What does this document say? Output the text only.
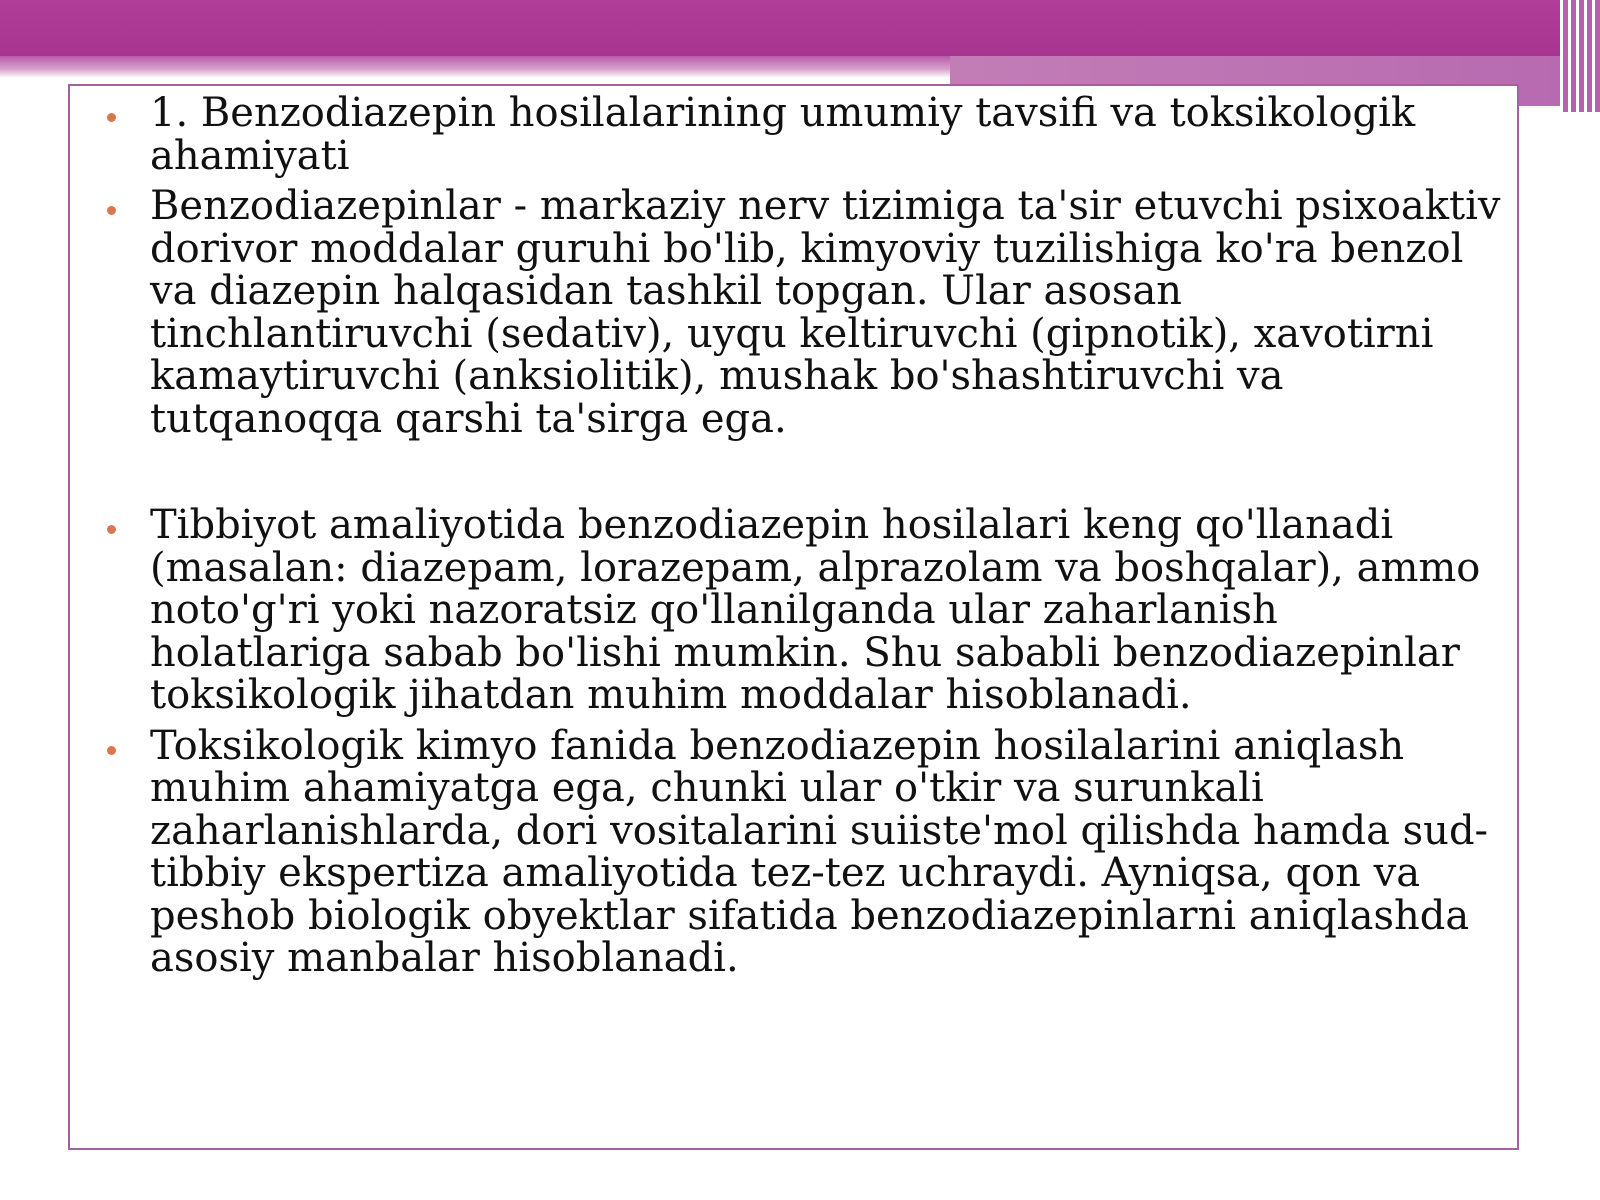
1. Benzodiazepin hosilalarining umumiy tavsifi va toksikologik ahamiyati
Benzodiazepinlar - markaziy nerv tizimiga ta'sir etuvchi psixoaktiv dorivor moddalar guruhi bo'lib, kimyoviy tuzilishiga ko'ra benzol va diazepin halqasidan tashkil topgan. Ular asosan tinchlantiruvchi (sedativ), uyqu keltiruvchi (gipnotik), xavotirni kamaytiruvchi (anksiolitik), mushak bo'shashtiruvchi va tutqanoqqa qarshi ta'sirga ega.
Tibbiyot amaliyotida benzodiazepin hosilalari keng qo'llanadi (masalan: diazepam, lorazepam, alprazolam va boshqalar), ammo noto'g'ri yoki nazoratsiz qo'llanilganda ular zaharlanish holatlariga sabab bo'lishi mumkin. Shu sababli benzodiazepinlar toksikologik jihatdan muhim moddalar hisoblanadi.
Toksikologik kimyo fanida benzodiazepin hosilalarini aniqlash muhim ahamiyatga ega, chunki ular o'tkir va surunkali zaharlanishlarda, dori vositalarini suiiste'mol qilishda hamda sud-tibbiy ekspertiza amaliyotida tez-tez uchraydi. Ayniqsa, qon va peshob biologik obyektlar sifatida benzodiazepinlarni aniqlashda asosiy manbalar hisoblanadi.
